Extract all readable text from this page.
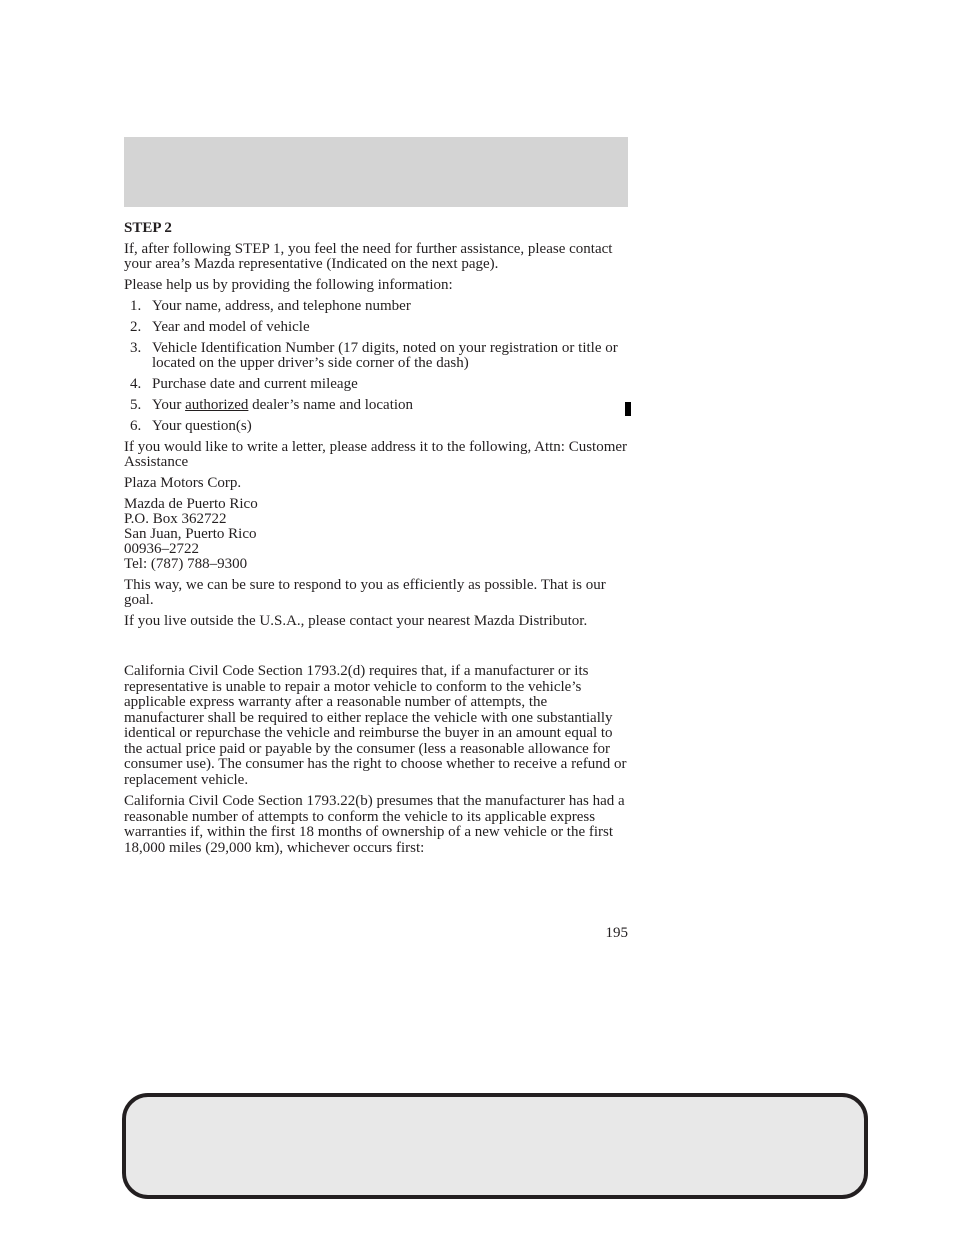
STEP 2

If, after following STEP 1, you feel the need for further assistance, please contact your area’s Mazda representative (Indicated on the next page).

Please help us by providing the following information:

1. Your name, address, and telephone number
2. Year and model of vehicle
3. Vehicle Identification Number (17 digits, noted on your registration or title or located on the upper driver’s side corner of the dash)
4. Purchase date and current mileage
5. Your authorized dealer’s name and location
6. Your question(s)

If you would like to write a letter, please address it to the following, Attn: Customer Assistance

Plaza Motors Corp.

Mazda de Puerto Rico
P.O. Box 362722
San Juan, Puerto Rico
00936–2722
Tel: (787) 788–9300

This way, we can be sure to respond to you as efficiently as possible. That is our goal.

If you live outside the U.S.A., please contact your nearest Mazda Distributor.

California Civil Code Section 1793.2(d) requires that, if a manufacturer or its representative is unable to repair a motor vehicle to conform to the vehicle’s applicable express warranty after a reasonable number of attempts, the manufacturer shall be required to either replace the vehicle with one substantially identical or repurchase the vehicle and reimburse the buyer in an amount equal to the actual price paid or payable by the consumer (less a reasonable allowance for consumer use). The consumer has the right to choose whether to receive a refund or replacement vehicle.

California Civil Code Section 1793.22(b) presumes that the manufacturer has had a reasonable number of attempts to conform the vehicle to its applicable express warranties if, within the first 18 months of ownership of a new vehicle or the first 18,000 miles (29,000 km), whichever occurs first:

195
